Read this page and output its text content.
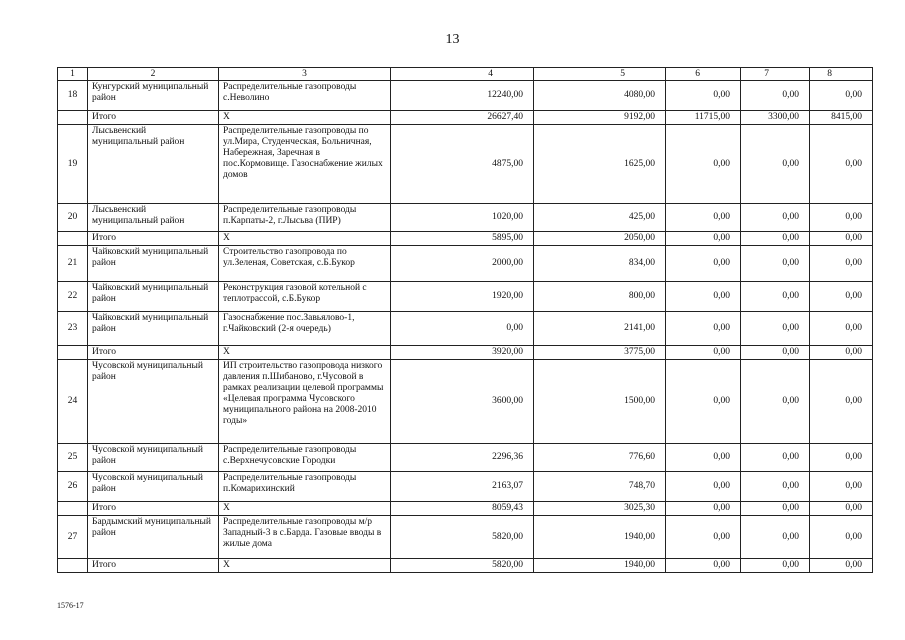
13
1	2	3	4	5	6	7	8
18	Кунгурский муниципальный район	Распределительные газопроводы с.Неволино	12240,00	4080,00	0,00	0,00	0,00
	Итого	X	26627,40	9192,00	11715,00	3300,00	8415,00
19	Лысьвенский муниципальный район	Распределительные газопроводы по ул.Мира, Студенческая, Больничная, Набережная, Заречная в пос.Кормовище. Газоснабжение жилых домов	4875,00	1625,00	0,00	0,00	0,00
20	Лысьвенский муниципальный район	Распределительные газопроводы п.Карпаты-2, г.Лысьва (ПИР)	1020,00	425,00	0,00	0,00	0,00
	Итого	X	5895,00	2050,00	0,00	0,00	0,00
21	Чайковский муниципальный район	Строительство газопровода по ул.Зеленая, Советская, с.Б.Букор	2000,00	834,00	0,00	0,00	0,00
22	Чайковский муниципальный район	Реконструкция газовой котельной с теплотрассой, с.Б.Букор	1920,00	800,00	0,00	0,00	0,00
23	Чайковский муниципальный район	Газоснабжение пос.Завьялово-1, г.Чайковский (2-я очередь)	0,00	2141,00	0,00	0,00	0,00
	Итого	X	3920,00	3775,00	0,00	0,00	0,00
24	Чусовской муниципальный район	ИП строительство газопровода низкого давления п.Шибаново, г.Чусовой в рамках реализации целевой программы «Целевая программа Чусовского муниципального района на 2008-2010 годы»	3600,00	1500,00	0,00	0,00	0,00
25	Чусовской муниципальный район	Распределительные газопроводы с.Верхнечусовские Городки	2296,36	776,60	0,00	0,00	0,00
26	Чусовской муниципальный район	Распределительные газопроводы п.Комарихинский	2163,07	748,70	0,00	0,00	0,00
	Итого	X	8059,43	3025,30	0,00	0,00	0,00
27	Бардымский муниципальный район	Распределительные газопроводы м/р Западный-3 в с.Барда. Газовые вводы в жилые дома	5820,00	1940,00	0,00	0,00	0,00
	Итого	X	5820,00	1940,00	0,00	0,00	0,00
1576-17
